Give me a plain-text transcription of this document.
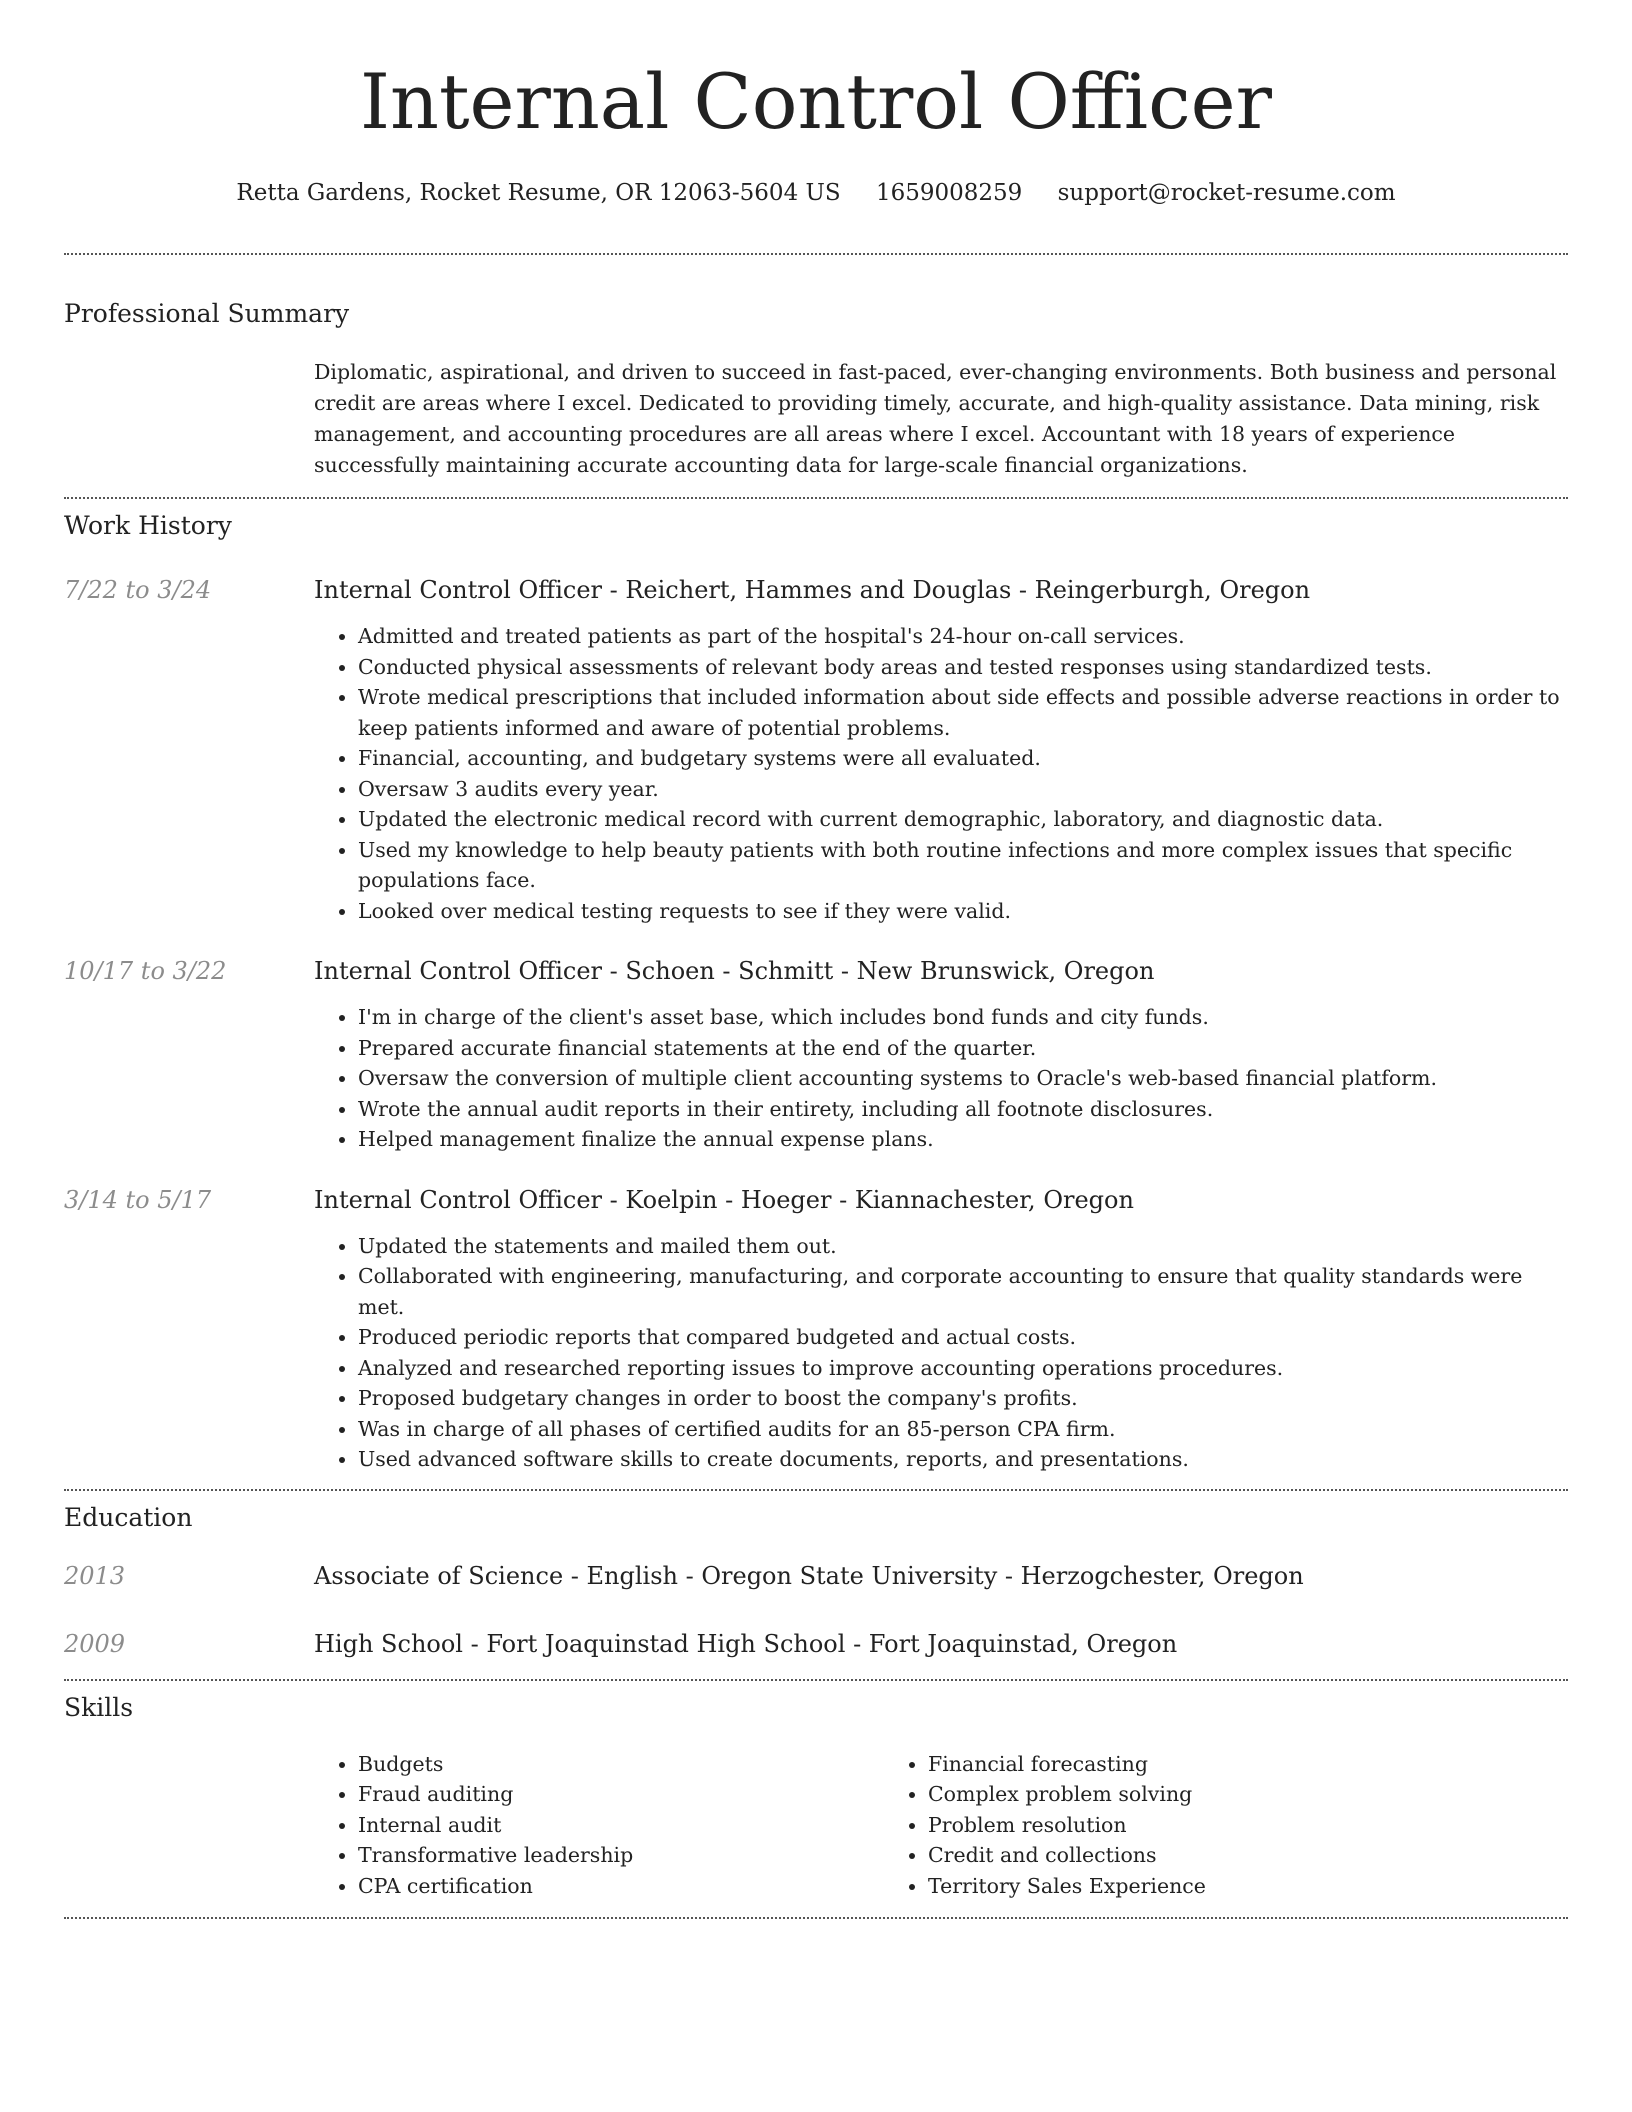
Internal Control Officer
Retta Gardens, Rocket Resume, OR 12063-5604 US 1659008259 support@rocket-resume.com
Professional Summary

Diplomatic, aspirational, and driven to succeed in fast-paced, ever-changing environments. Both business and personal credit are areas where I excel. Dedicated to providing timely, accurate, and high-quality assistance. Data mining, risk management, and accounting procedures are all areas where I excel. Accountant with 18 years of experience successfully maintaining accurate accounting data for large-scale financial organizations.

Work History
7/22 to 3/24	Internal Control Officer - Reichert, Hammes and Douglas - Reingerburgh, Oregon
• Admitted and treated patients as part of the hospital's 24-hour on-call services.
• Conducted physical assessments of relevant body areas and tested responses using standardized tests.
• Wrote medical prescriptions that included information about side effects and possible adverse reactions in order to keep patients informed and aware of potential problems.
• Financial, accounting, and budgetary systems were all evaluated.
• Oversaw 3 audits every year.
• Updated the electronic medical record with current demographic, laboratory, and diagnostic data.
• Used my knowledge to help beauty patients with both routine infections and more complex issues that specific populations face.
• Looked over medical testing requests to see if they were valid.
10/17 to 3/22	Internal Control Officer - Schoen - Schmitt - New Brunswick, Oregon
• I'm in charge of the client's asset base, which includes bond funds and city funds.
• Prepared accurate financial statements at the end of the quarter.
• Oversaw the conversion of multiple client accounting systems to Oracle's web-based financial platform.
• Wrote the annual audit reports in their entirety, including all footnote disclosures.
• Helped management finalize the annual expense plans.
3/14 to 5/17	Internal Control Officer - Koelpin - Hoeger - Kiannachester, Oregon
• Updated the statements and mailed them out.
• Collaborated with engineering, manufacturing, and corporate accounting to ensure that quality standards were met.
• Produced periodic reports that compared budgeted and actual costs.
• Analyzed and researched reporting issues to improve accounting operations procedures.
• Proposed budgetary changes in order to boost the company's profits.
• Was in charge of all phases of certified audits for an 85-person CPA firm.
• Used advanced software skills to create documents, reports, and presentations.
Education
2013	Associate of Science - English - Oregon State University - Herzogchester, Oregon
2009	High School - Fort Joaquinstad High School - Fort Joaquinstad, Oregon
Skills
• Budgets
• Fraud auditing
• Internal audit
• Transformative leadership
• CPA certification
• Financial forecasting
• Complex problem solving
• Problem resolution
• Credit and collections
• Territory Sales Experience
